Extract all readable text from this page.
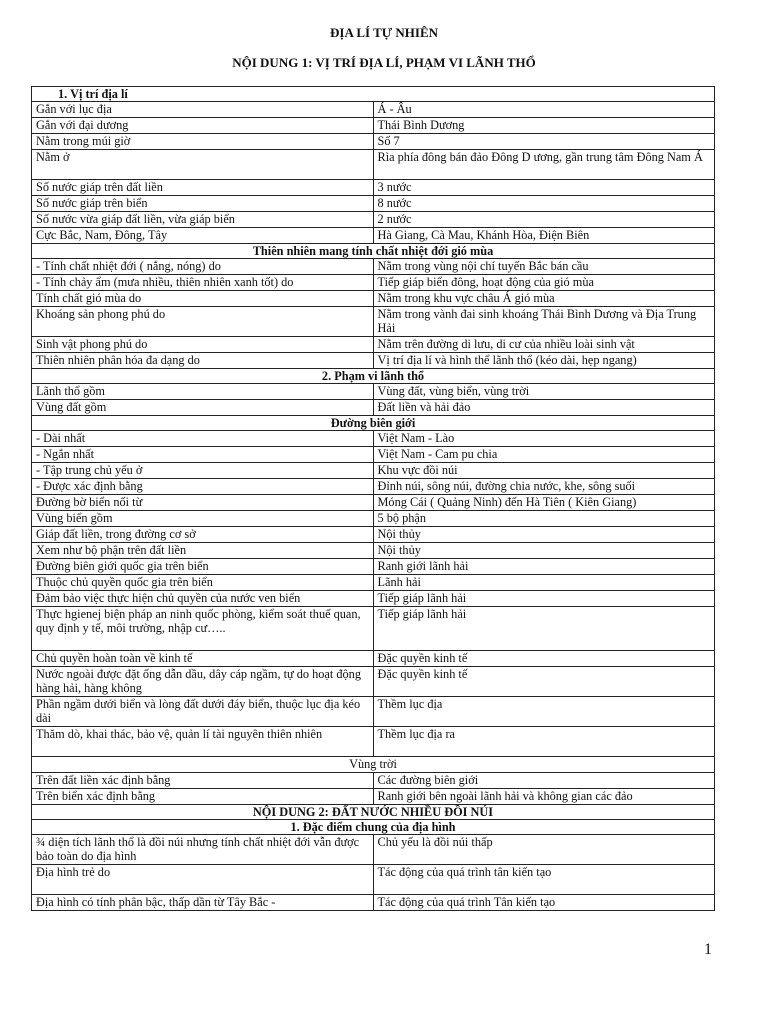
ĐỊA LÍ TỰ NHIÊN
NỘI DUNG 1: VỊ TRÍ ĐỊA LÍ, PHẠM VI LÃNH THỔ
1. Vị trí địa lí	
Gắn với lục địa	Á - Âu
Gắn với đại dương	Thái Bình Dương
Nằm trong múi giờ	Số 7
Nằm ở	Rìa phía đông bán đảo Đông D ương, gần trung tâm Đông Nam Á
Số nước giáp trên đất liền	3 nước
Số nước giáp trên biển	8 nước
Số nước vừa giáp đất liền, vừa giáp biển	2 nước
Cực Bắc, Nam, Đông, Tây	Hà Giang, Cà Mau, Khánh Hòa, Điện Biên
Thiên nhiên mang tính chất nhiệt đới gió mùa	
- Tính chất nhiệt đới ( nắng, nóng) do	Nằm trong vùng nội chí tuyến Bắc bán cầu
- Tính chảy ẩm (mưa nhiều, thiên nhiên xanh tốt) do	Tiếp giáp biển đông, hoạt động của gió mùa
Tính chất gió mùa do	Nằm trong khu vực châu Á gió mùa
Khoáng sản phong phú do	Nằm trong vành đai sinh khoáng Thái Bình Dương và Địa Trung Hải
Sinh vật phong phú do	Nằm trên đường di lưu, di cư của nhiều loài sinh vật
Thiên nhiên phân hóa đa dạng do	Vị trí địa lí và hình thể lãnh thổ (kéo dài, hẹp ngang)
2. Phạm vi lãnh thổ	
Lãnh thổ gồm	Vùng đất, vùng biển, vùng trời
Vùng đất gồm	Đất liền và hải đảo
Đường biên giới	
- Dài nhất	Việt Nam - Lào
- Ngắn nhất	Việt Nam - Cam pu chia
- Tập trung chủ yếu ở	Khu vực đồi núi
- Được xác định bằng	Đỉnh núi, sông núi, đường chia nước, khe, sông suối
Đường bờ biển nối từ	Móng Cái ( Quảng Ninh) đến Hà Tiên ( Kiên Giang)
Vùng biển gồm	5 bộ phận
Giáp đất liền, trong đường cơ sở	Nội thủy
Xem như bộ phận trên đất liền	Nội thủy
Đường biên giới quốc gia trên biển	Ranh giới lãnh hải
Thuộc chủ quyền quốc gia trên biển	Lãnh hải
Đảm bảo việc thực hiện chủ quyền của nước ven biển	Tiếp giáp lãnh hải
Thực hgienej biện pháp an ninh quốc phòng, kiểm soát thuế quan, quy định y tế, môi trường, nhập cư…..	Tiếp giáp lãnh hải
Chủ quyền hoàn toàn về kinh tế	Đặc quyền kinh tế
Nước ngoài được đặt ống dẫn dầu, dây cáp ngầm, tự do hoạt động hàng hải, hàng không	Đặc quyền kinh tế
Phần ngầm dưới biển và lòng đất dưới đáy biển, thuộc lục địa kéo dài	Thềm lục địa
Thăm dò, khai thác, bảo vệ, quản lí tài nguyên thiên nhiên	Thềm lục địa ra
Vùng trời	
Trên đất liền xác định bằng	Các đường biên giới
Trên biển xác định bằng	Ranh giới bên ngoài lãnh hải và không gian các đảo
NỘI DUNG 2: ĐẤT NƯỚC NHIỀU ĐỒI NÚI	
1. Đặc điểm chung của địa hình	
¾ diện tích lãnh thổ là đồi núi nhưng tính chất nhiệt đới vẫn được bảo toàn do địa hình	Chủ yếu là đồi núi thấp
Địa hình trẻ do	Tác động của quá trình tân kiến tạo
Địa hình có tính phân bậc, thấp dần từ Tây Bắc -	Tác động của quá trình Tân kiến tạo
1
